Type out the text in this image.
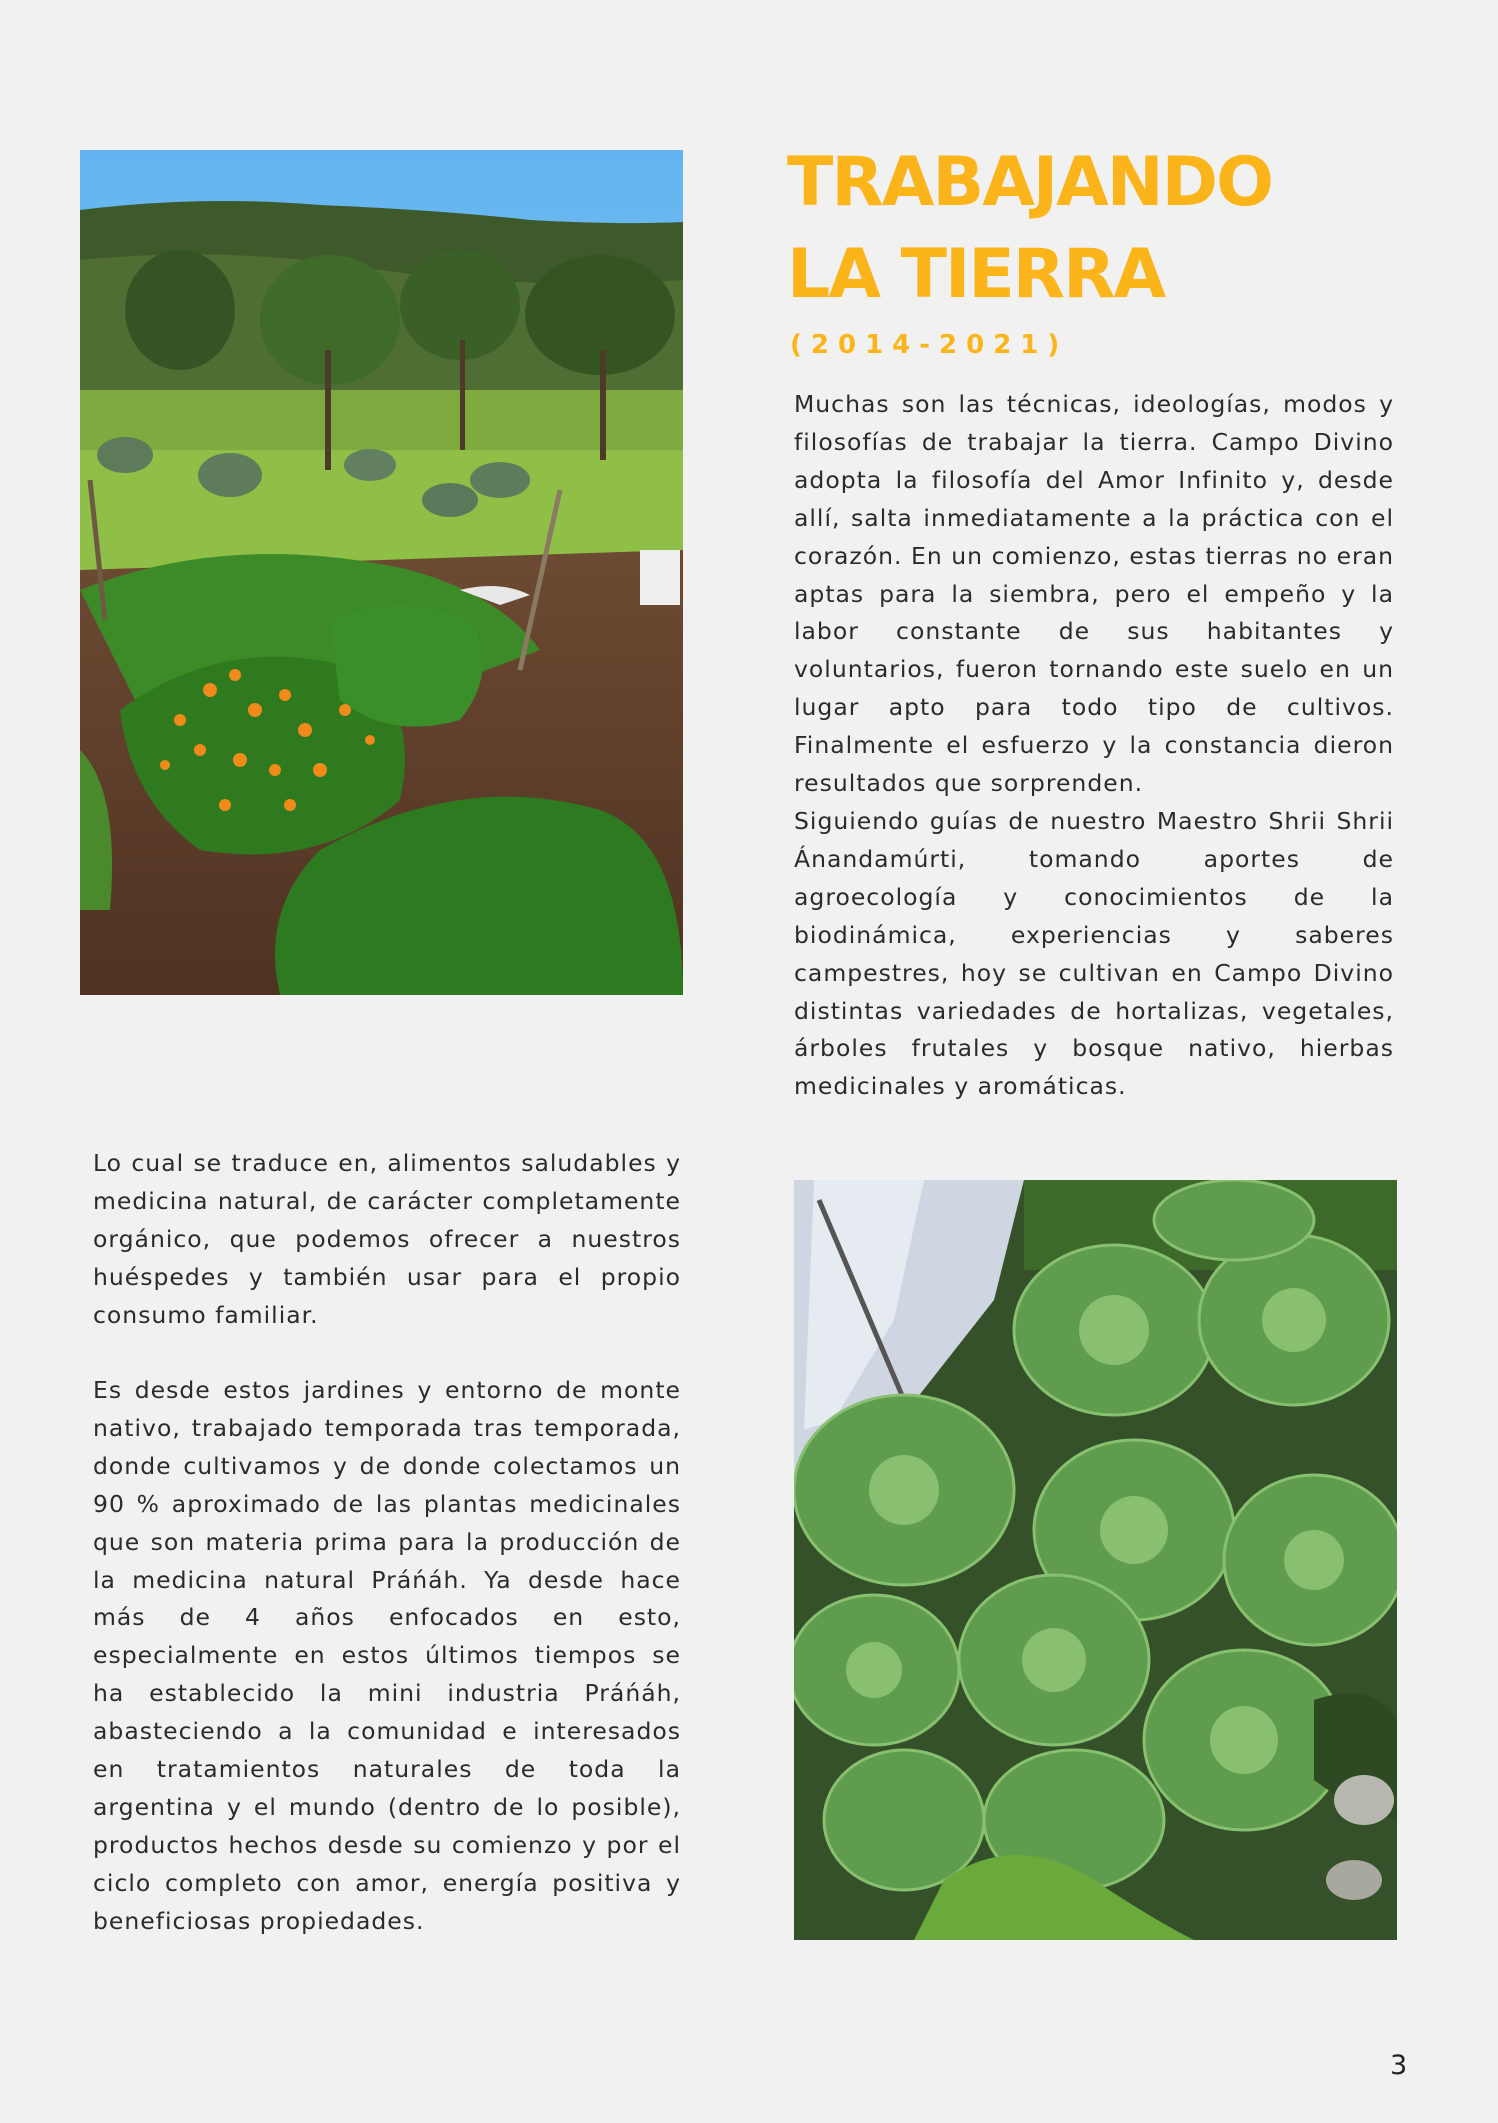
TRABAJANDO
LA TIERRA
(2014-2021)

Muchas son las técnicas, ideologías, modos y filosofías de trabajar la tierra. Campo Divino adopta la filosofía del Amor Infinito y, desde allí, salta inmediatamente a la práctica con el corazón. En un comienzo, estas tierras no eran aptas para la siembra, pero el empeño y la labor constante de sus habitantes y voluntarios, fueron tornando este suelo en un lugar apto para todo tipo de cultivos. Finalmente el esfuerzo y la constancia dieron resultados que sorprenden.

Siguiendo guías de nuestro Maestro Shrii Shrii Ánandamúrti, tomando aportes de agroecología y conocimientos de la biodinámica, experiencias y saberes campestres, hoy se cultivan en Campo Divino distintas variedades de hortalizas, vegetales, árboles frutales y bosque nativo, hierbas medicinales y aromáticas.

Lo cual se traduce en, alimentos saludables y medicina natural, de carácter completamente orgánico, que podemos ofrecer a nuestros huéspedes y también usar para el propio consumo familiar.

Es desde estos jardines y entorno de monte nativo, trabajado temporada tras temporada, donde cultivamos y de donde colectamos un 90 % aproximado de las plantas medicinales que son materia prima para la producción de la medicina natural Práńáh. Ya desde hace más de 4 años enfocados en esto, especialmente en estos últimos tiempos se ha establecido la mini industria Práńáh, abasteciendo a la comunidad e interesados en tratamientos naturales de toda la argentina y el mundo (dentro de lo posible), productos hechos desde su comienzo y por el ciclo completo con amor, energía positiva y beneficiosas propiedades.

3
